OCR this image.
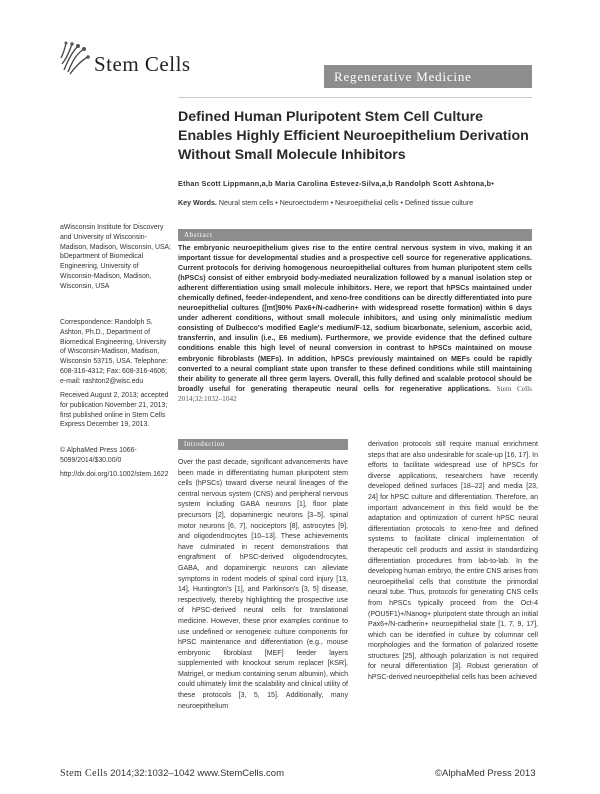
Stem Cells
Regenerative Medicine
Defined Human Pluripotent Stem Cell Culture Enables Highly Efficient Neuroepithelium Derivation Without Small Molecule Inhibitors
Ethan Scott Lippmann,a,b Maria Carolina Estevez-Silva,a,b Randolph Scott Ashtona,b•
Key Words. Neural stem cells • Neuroectoderm • Neuroepithelial cells • Defined tissue culture
Abstract
The embryonic neuroepithelium gives rise to the entire central nervous system in vivo, making it an important tissue for developmental studies and a prospective cell source for regenerative applications. Current protocols for deriving homogenous neuroepithelial cultures from human pluripotent stem cells (hPSCs) consist of either embryoid body-mediated neuralization followed by a manual isolation step or adherent differentiation using small molecule inhibitors. Here, we report that hPSCs maintained under chemically defined, feeder-independent, and xeno-free conditions can be directly differentiated into pure neuroepithelial cultures ([mt]90% Pax6+/N-cadherin+ with widespread rosette formation) within 6 days under adherent conditions, without small molecule inhibitors, and using only minimalistic medium consisting of Dulbecco's modified Eagle's medium/F-12, sodium bicarbonate, selenium, ascorbic acid, transferrin, and insulin (i.e., E6 medium). Furthermore, we provide evidence that the defined culture conditions enable this high level of neural conversion in contrast to hPSCs maintained on mouse embryonic fibroblasts (MEFs). In addition, hPSCs previously maintained on MEFs could be rapidly converted to a neural compliant state upon transfer to these defined conditions while still maintaining their ability to generate all three germ layers. Overall, this fully defined and scalable protocol should be broadly useful for generating therapeutic neural cells for regenerative applications. Stem Cells 2014;32:1032–1042
aWisconsin Institute for Discovery and University of Wisconsin-Madison, Madison, Wisconsin, USA; bDepartment of Biomedical Engineering, University of Wisconsin-Madison, Madison, Wisconsin, USA
Correspondence: Randolph S. Ashton, Ph.D., Department of Biomedical Engineering, University of Wisconsin-Madison, Madison, Wisconsin 53715, USA. Telephone: 608-316-4312; Fax: 608-316-4606; e-mail: rashton2@wisc.edu
Received August 2, 2013; accepted for publication November 21, 2013; first published online in Stem Cells Express December 19, 2013.
© AlphaMed Press 1066-5099/2014/$30.00/0
http://dx.doi.org/10.1002/stem.1622
Introduction
Over the past decade, significant advancements have been made in differentiating human pluripotent stem cells (hPSCs) toward diverse neural lineages of the central nervous system (CNS) and peripheral nervous system including GABA neurons [1], floor plate precursors [2], dopaminergic neurons [3–5], spinal motor neurons [6, 7], nociceptors [8], astrocytes [9], and oligodendrocytes [10–13]. These achievements have culminated in recent demonstrations that engraftment of hPSC-derived oligodendrocytes, GABA, and dopaminergic neurons can alleviate symptoms in rodent models of spinal cord injury [13, 14], Huntington's [1], and Parkinson's [3, 5] disease, respectively, thereby highlighting the prospective use of hPSC-derived neural cells for translational medicine. However, these prior examples continue to use undefined or xenogeneic culture components for hPSC maintenance and differentiation (e.g., mouse embryonic fibroblast [MEF] feeder layers supplemented with knockout serum replacer [KSR], Matrigel, or medium containing serum albumin), which could ultimately limit the scalability and clinical utility of these protocols [3, 5, 15]. Additionally, many neuroepithelium
derivation protocols still require manual enrichment steps that are also undesirable for scale-up [16, 17]. In efforts to facilitate widespread use of hPSCs for diverse applications, researchers have recently developed defined surfaces [18–22] and media [23, 24] for hPSC culture and differentiation. Therefore, an important advancement in this field would be the adaptation and optimization of current hPSC neural differentiation protocols to xeno-free and defined systems to facilitate clinical implementation of therapeutic cell products and assist in standardizing differentiation procedures from lab-to-lab. In the developing human embryo, the entire CNS arises from neuroepithelial cells that constitute the primordial neural tube. Thus, protocols for generating CNS cells from hPSCs typically proceed from the Oct-4 (POU5F1)+/Nanog+ pluripotent state through an initial Pax6+/N-cadherin+ neuroepithelial state [1, 7, 9, 17], which can be identified in culture by columnar cell morphologies and the formation of polarized rosette structures [25], although polarization is not required for neural differentiation [3]. Robust generation of hPSC-derived neuroepithelial cells has been achieved
Stem Cells 2014;32:1032–1042 www.StemCells.com	©AlphaMed Press 2013
